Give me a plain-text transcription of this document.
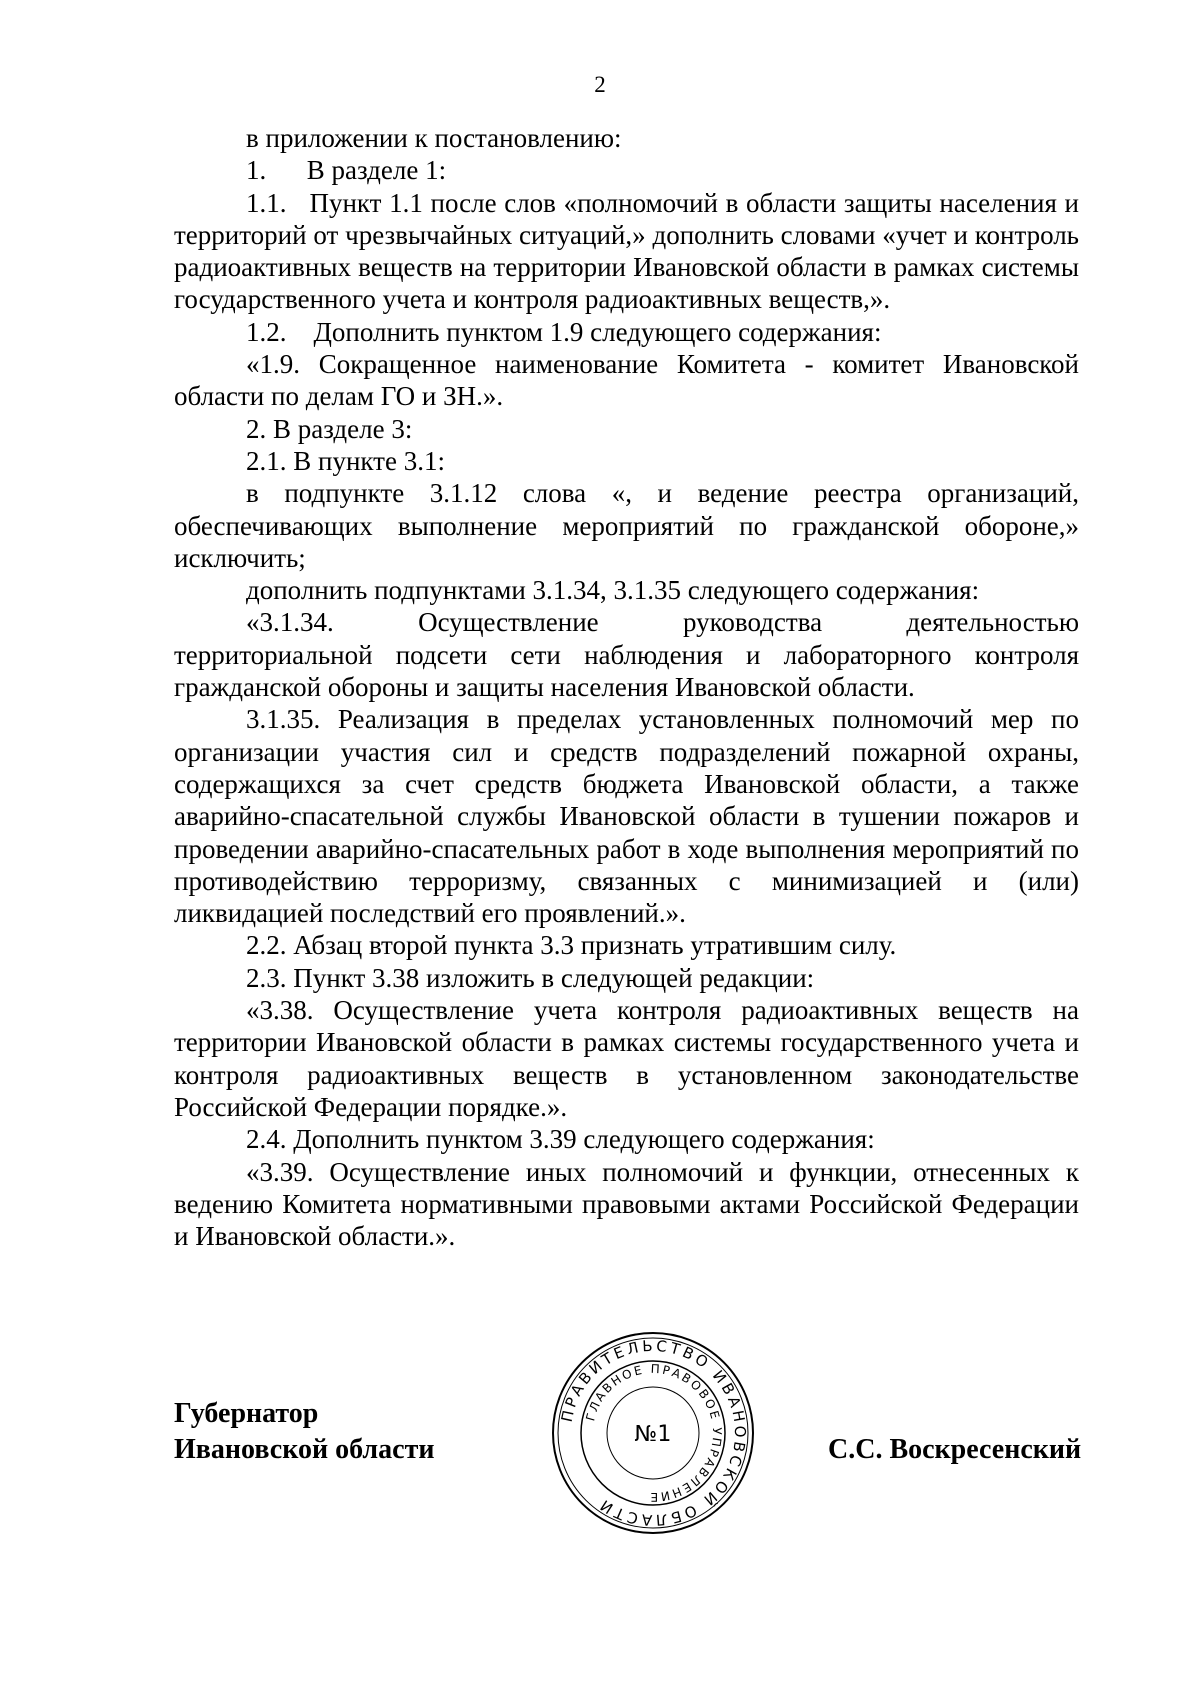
2

в приложении к постановлению:

1.      В разделе 1:

1.1.   Пункт 1.1 после слов «полномочий в области защиты населения и территорий от чрезвычайных ситуаций,» дополнить словами «учет и контроль радиоактивных веществ на территории Ивановской области в рамках системы государственного учета и контроля радиоактивных веществ,».

1.2.    Дополнить пунктом 1.9 следующего содержания:

«1.9. Сокращенное наименование Комитета - комитет Ивановской области по делам ГО и ЗН.».

2. В разделе 3:

2.1. В пункте 3.1:

в подпункте 3.1.12 слова «, и ведение реестра организаций, обеспечивающих выполнение мероприятий по гражданской обороне,» исключить;

дополнить подпунктами 3.1.34, 3.1.35 следующего содержания:

«3.1.34. Осуществление руководства деятельностью

территориальной подсети сети наблюдения и лабораторного контроля гражданской обороны и защиты населения Ивановской области.

3.1.35. Реализация в пределах установленных полномочий мер по организации участия сил и средств подразделений пожарной охраны, содержащихся за счет средств бюджета Ивановской области, а также аварийно-спасательной службы Ивановской области в тушении пожаров и проведении аварийно-спасательных работ в ходе выполнения мероприятий по противодействию терроризму, связанных с минимизацией и (или) ликвидацией последствий его проявлений.».

2.2. Абзац второй пункта 3.3 признать утратившим силу.

2.3. Пункт 3.38 изложить в следующей редакции:

«3.38. Осуществление учета контроля радиоактивных веществ на территории Ивановской области в рамках системы государственного учета и контроля радиоактивных веществ в установленном законодательстве Российской Федерации порядке.».

2.4. Дополнить пунктом 3.39 следующего содержания:

«3.39. Осуществление иных полномочий и функции, отнесенных к ведению Комитета нормативными правовыми актами Российской Федерации и Ивановской области.».

Губернатор
Ивановской области	С.С. Воскресенский
ПРАВИТЕЛЬСТВО ИВАНОВСКОЙ ОБЛАСТИ
ГЛАВНОЕ ПРАВОВОЕ УПРАВЛЕНИЕ
№1
